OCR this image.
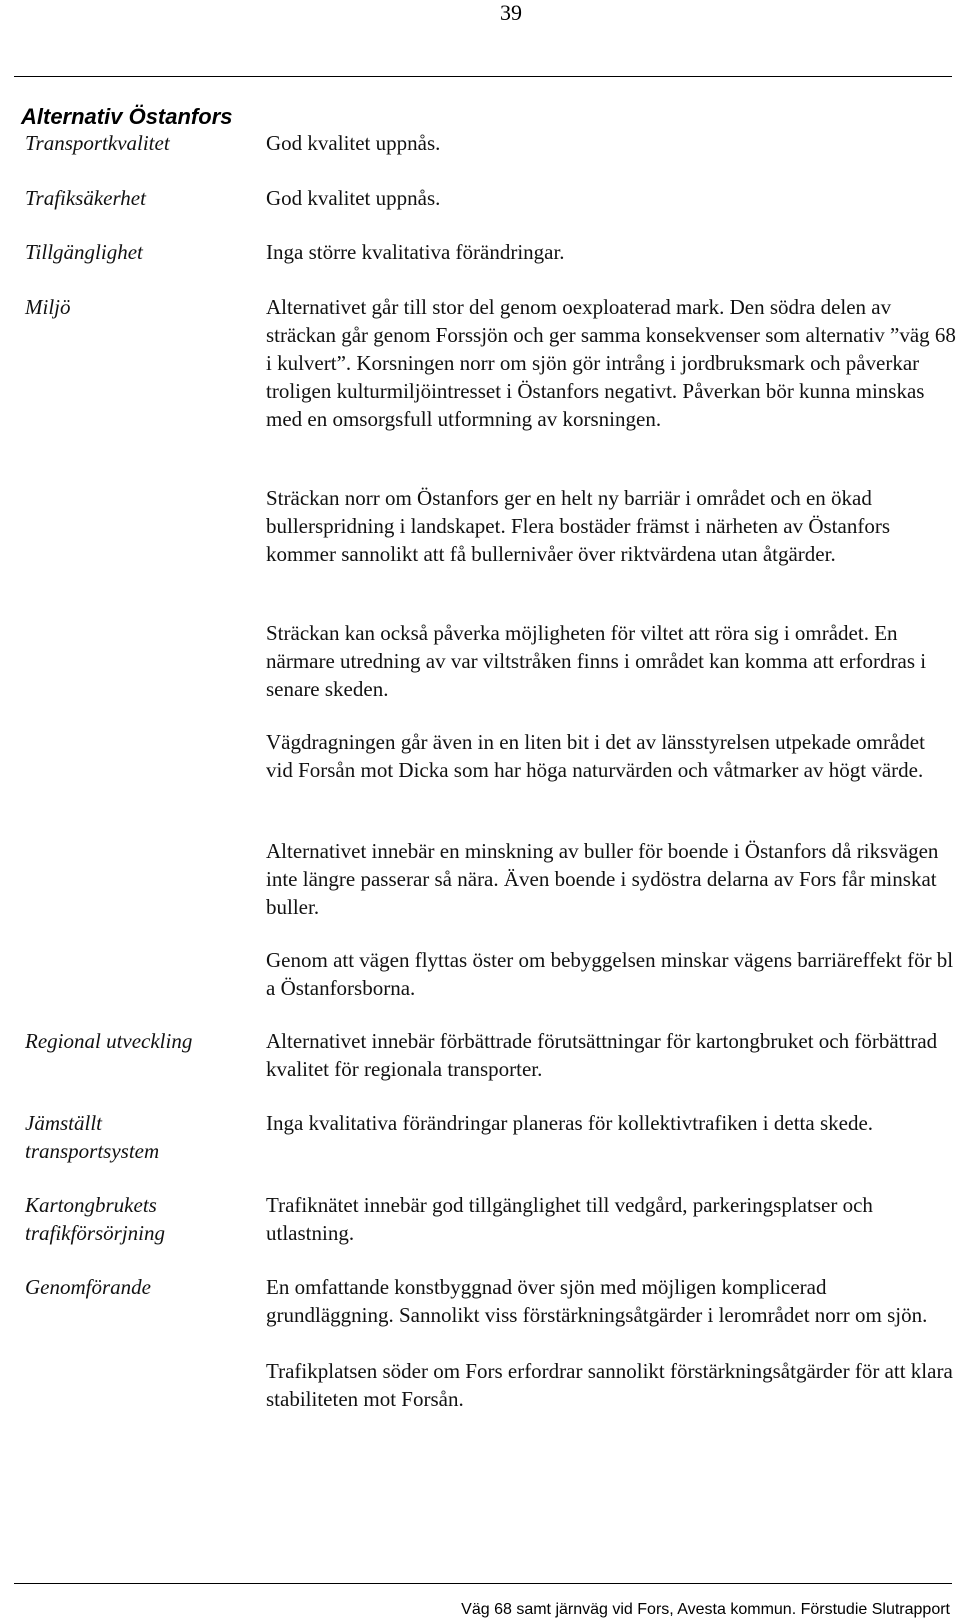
39
Alternativ Östanfors
Transportkvalitet
Trafiksäkerhet
Tillgänglighet
Miljö
Regional utveckling
Jämställt
transportsystem
Kartongbrukets
trafikförsörjning
Genomförande
God kvalitet uppnås.
God kvalitet uppnås.
Inga större kvalitativa förändringar.
Alternativet går till stor del genom oexploaterad mark. Den södra delen av sträckan går genom Forssjön och ger samma konsekvenser som alternativ ”väg 68 i kulvert”. Korsningen norr om sjön gör intrång i jordbruksmark och påverkar troligen kulturmiljöintresset i Östanfors negativt. Påverkan bör kunna minskas med en omsorgsfull utformning av korsningen.
Sträckan norr om Östanfors ger en helt ny barriär i området och en ökad bullerspridning i landskapet. Flera bostäder främst i närheten av Östanfors kommer sannolikt att få bullernivåer över riktvärdena utan åtgärder.
Sträckan kan också påverka möjligheten för viltet att röra sig i området. En närmare utredning av var viltstråken finns i området kan komma att erfordras i senare skeden.
Vägdragningen går även in en liten bit i det av länsstyrelsen utpekade området vid Forsån mot Dicka som har höga naturvärden och våtmarker av högt värde.
Alternativet innebär en minskning av buller för boende i Östanfors då riksvägen inte längre passerar så nära. Även boende i sydöstra delarna av Fors får minskat buller.
Genom att vägen flyttas öster om bebyggelsen minskar vägens barriäreffekt för bl a Östanforsborna.
Alternativet innebär förbättrade förutsättningar för kartongbruket och förbättrad kvalitet för regionala transporter.
Inga kvalitativa förändringar planeras för kollektivtrafiken i detta skede.
Trafiknätet innebär god tillgänglighet till vedgård, parkeringsplatser och utlastning.
En omfattande konstbyggnad över sjön med möjligen komplicerad grundläggning. Sannolikt viss förstärkningsåtgärder i lerområdet norr om sjön.
Trafikplatsen söder om Fors erfordrar sannolikt förstärkningsåtgärder för att klara stabiliteten mot Forsån.
Väg 68 samt järnväg vid Fors, Avesta kommun. Förstudie Slutrapport
